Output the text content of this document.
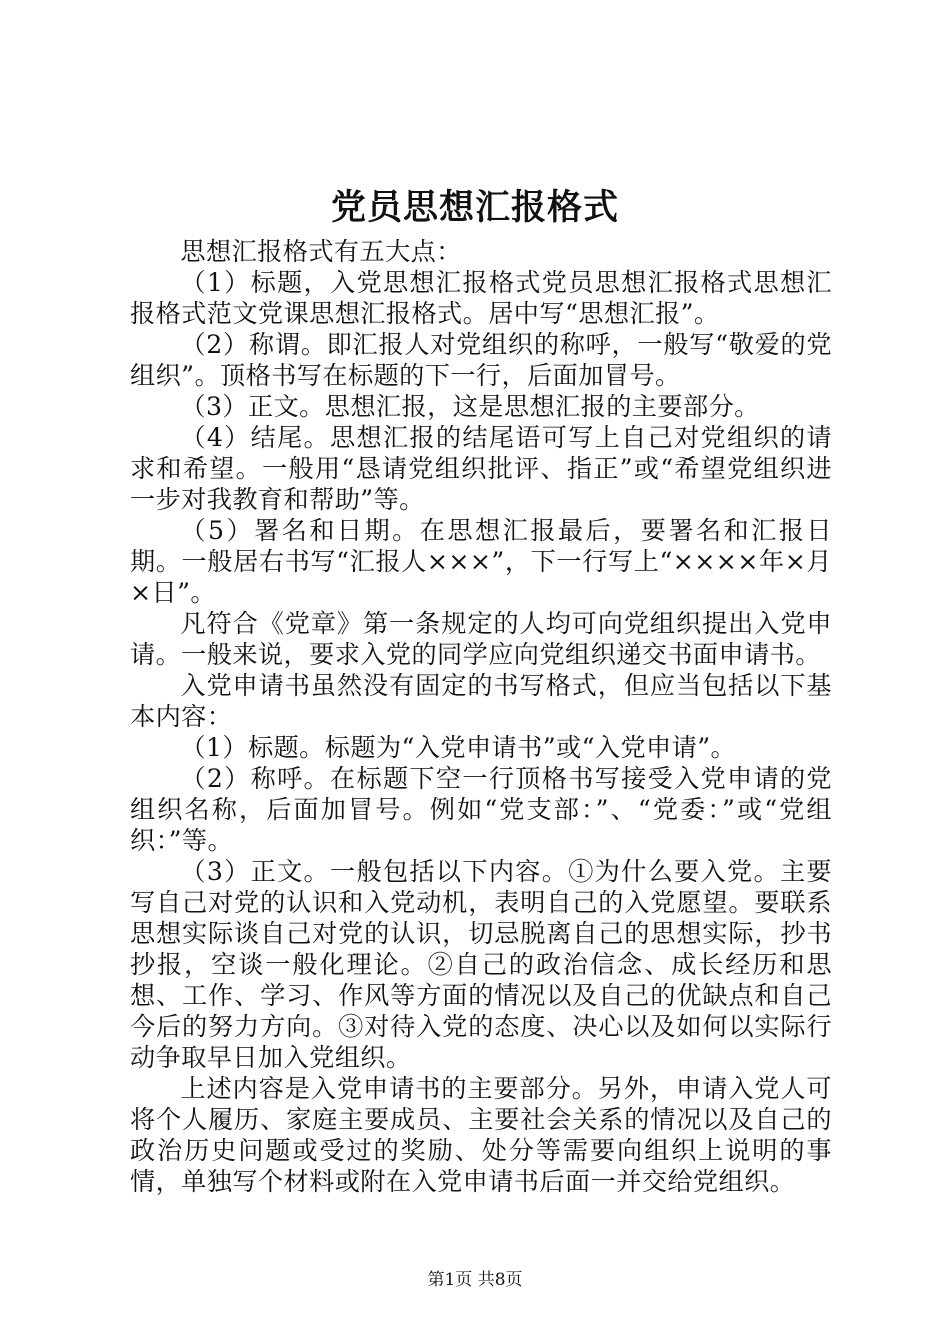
党员思想汇报格式

思想汇报格式有五大点：

（1）标题，入党思想汇报格式党员思想汇报格式思想汇报格式范文党课思想汇报格式。居中写“思想汇报”。

（2）称谓。即汇报人对党组织的称呼，一般写“敬爱的党组织”。顶格书写在标题的下一行，后面加冒号。

（3）正文。思想汇报，这是思想汇报的主要部分。

（4）结尾。思想汇报的结尾语可写上自己对党组织的请求和希望。一般用“恳请党组织批评、指正”或“希望党组织进一步对我教育和帮助”等。

（5）署名和日期。在思想汇报最后，要署名和汇报日期。一般居右书写“汇报人×××”，下一行写上“××××年×月×日”。

凡符合《党章》第一条规定的人均可向党组织提出入党申请。一般来说，要求入党的同学应向党组织递交书面申请书。

入党申请书虽然没有固定的书写格式，但应当包括以下基本内容：

（1）标题。标题为“入党申请书”或“入党申请”。

（2）称呼。在标题下空一行顶格书写接受入党申请的党组织名称，后面加冒号。例如“党支部：”、“党委：”或“党组织：”等。

（3）正文。一般包括以下内容。①为什么要入党。主要写自己对党的认识和入党动机，表明自己的入党愿望。要联系思想实际谈自己对党的认识，切忌脱离自己的思想实际，抄书抄报，空谈一般化理论。②自己的政治信念、成长经历和思想、工作、学习、作风等方面的情况以及自己的优缺点和自己今后的努力方向。③对待入党的态度、决心以及如何以实际行动争取早日加入党组织。

上述内容是入党申请书的主要部分。另外，申请入党人可将个人履历、家庭主要成员、主要社会关系的情况以及自己的政治历史问题或受过的奖励、处分等需要向组织上说明的事情，单独写个材料或附在入党申请书后面一并交给党组织。

第1页 共8页
